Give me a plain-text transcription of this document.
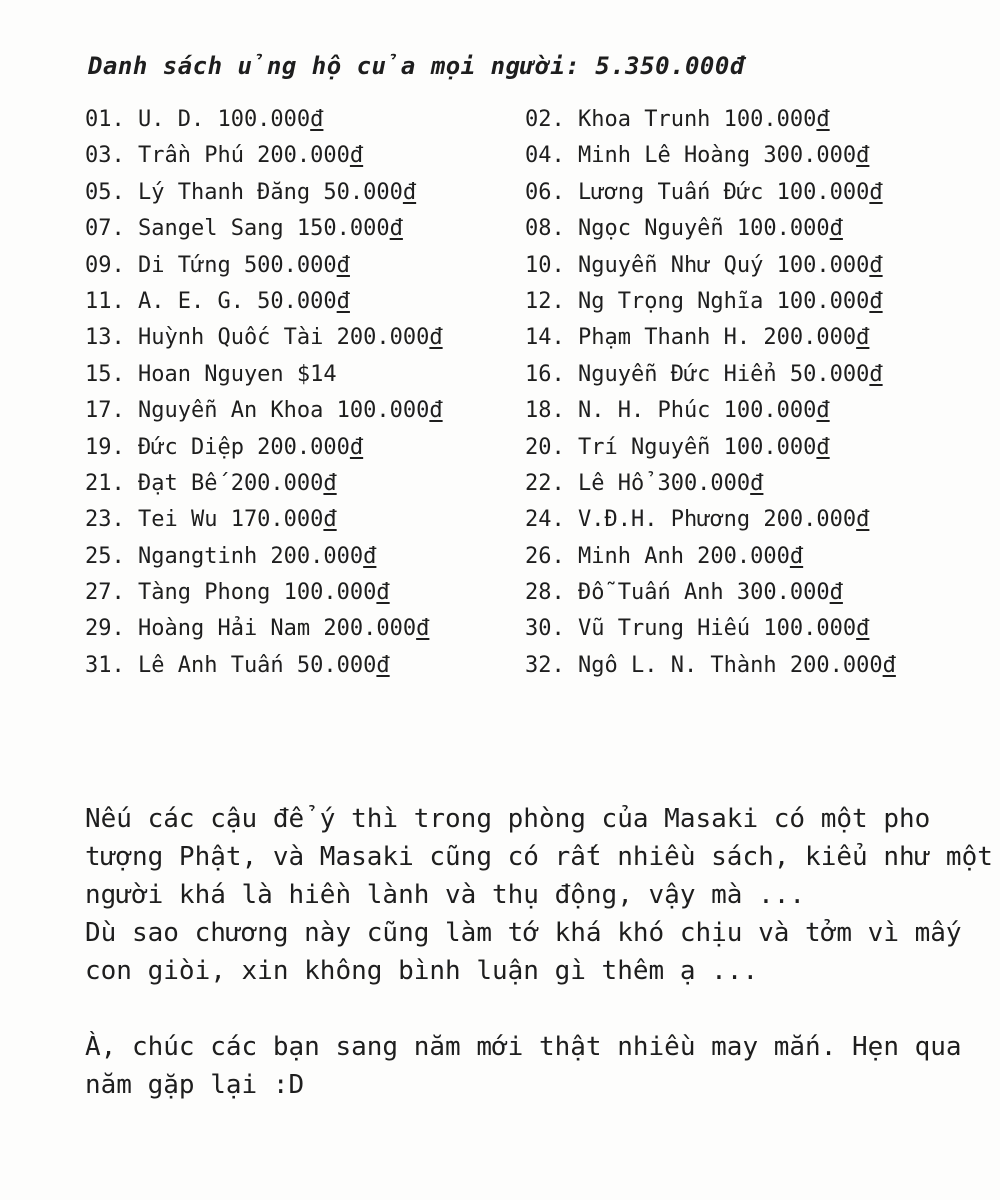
Danh sách ủng hộ của mọi người: 5.350.000đ
01. U. D. 100.000đ
03. Trần Phú 200.000đ
05. Lý Thanh Đăng 50.000đ
07. Sangel Sang 150.000đ
09. Di Tứng 500.000đ
11. A. E. G. 50.000đ
13. Huỳnh Quốc Tài 200.000đ
15. Hoan Nguyen $14
17. Nguyễn An Khoa 100.000đ
19. Đức Diệp 200.000đ
21. Đạt Bế 200.000đ
23. Tei Wu 170.000đ
25. Ngangtinh 200.000đ
27. Tàng Phong 100.000đ
29. Hoàng Hải Nam 200.000đ
31. Lê Anh Tuấn 50.000đ
02. Khoa Trunh 100.000đ
04. Minh Lê Hoàng 300.000đ
06. Lương Tuấn Đức 100.000đ
08. Ngọc Nguyễn 100.000đ
10. Nguyễn Như Quý 100.000đ
12. Ng Trọng Nghĩa 100.000đ
14. Phạm Thanh H. 200.000đ
16. Nguyễn Đức Hiển 50.000đ
18. N. H. Phúc 100.000đ
20. Trí Nguyễn 100.000đ
22. Lê Hổ 300.000đ
24. V.Đ.H. Phương 200.000đ
26. Minh Anh 200.000đ
28. Đỗ Tuấn Anh 300.000đ
30. Vũ Trung Hiếu 100.000đ
32. Ngô L. N. Thành 200.000đ
Nếu các cậu để ý thì trong phòng của Masaki có một pho
tượng Phật, và Masaki cũng có rất nhiều sách, kiểu như một
người khá là hiền lành và thụ động, vậy mà ...
Dù sao chương này cũng làm tớ khá khó chịu và tởm vì mấy
con giòi, xin không bình luận gì thêm ạ ...
À, chúc các bạn sang năm mới thật nhiều may mắn. Hẹn qua
năm gặp lại :D
